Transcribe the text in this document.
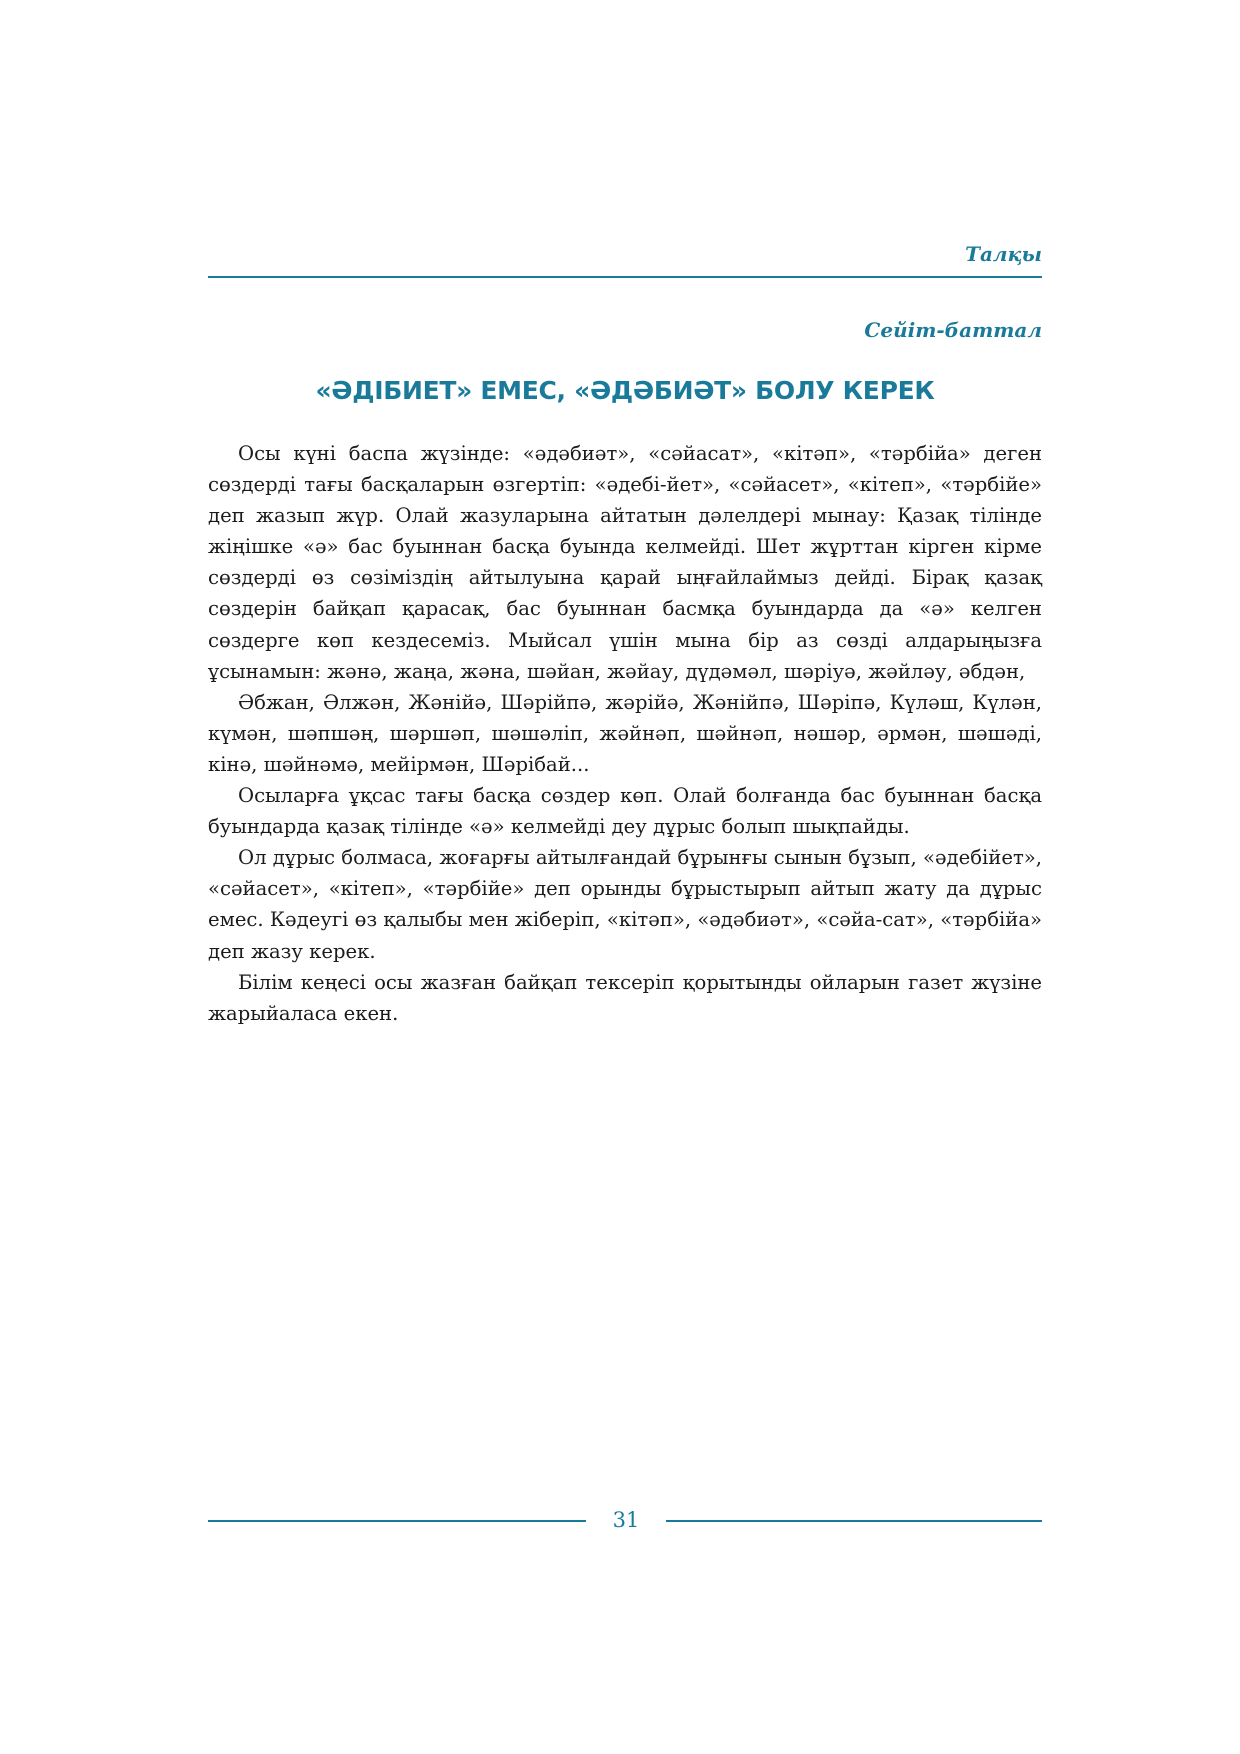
Талқы
Сейіт-баттал
«ӘДІБИЕТ» ЕМЕС, «ӘДӘБИӘТ» БОЛУ КЕРЕК

Осы күні баспа жүзінде: «әдәбиәт», «сәйасат», «кітәп», «тәрбійа» деген сөздерді тағы басқаларын өзгертіп: «әдебі-йет», «сәйасет», «кітеп», «тәрбійе» деп жазып жүр. Олай жазуларына айтатын дәлелдері мынау: Қазақ тілінде жіңішке «ә» бас буыннан басқа буында келмейді. Шет жұрттан кірген кірме сөздерді өз сөзіміздің айтылуына қарай ыңғайлаймыз дейді. Бірақ қазақ сөздерін байқап қарасақ, бас буыннан басмқа буындарда да «ә» келген сөздерге көп кездесеміз. Мыйсал үшін мына бір аз сөзді алдарыңызға ұсынамын: жәнә, жаңа, жәна, шәйан, жәйау, дүдәмәл, шәріуә, жәйләу, әбдән,

Әбжан, Әлжән, Жәнійә, Шәрійпә, жәрійә, Жәнійпә, Шәріпә, Күләш, Күлән, күмән, шәпшәң, шәршәп, шәшәліп, жәйнәп, шәйнәп, нәшәр, әрмән, шәшәді, кінә, шәйнәмә, мейірмән, Шәрібай...

Осыларға ұқсас тағы басқа сөздер көп. Олай болғанда бас буыннан басқа буындарда қазақ тілінде «ә» келмейді деу дұрыс болып шықпайды.

Ол дұрыс болмаса, жоғарғы айтылғандай бұрынғы сынын бұзып, «әдебійет», «сәйасет», «кітеп», «тәрбійе» деп орынды бұрыстырып айтып жату да дұрыс емес. Кәдеугі өз қалыбы мен жіберіп, «кітәп», «әдәбиәт», «сәйа-сат», «тәрбійа» деп жазу керек.

Білім кеңесі осы жазған байқап тексеріп қорытынды ойларын газет жүзіне жарыйаласа екен.

31
